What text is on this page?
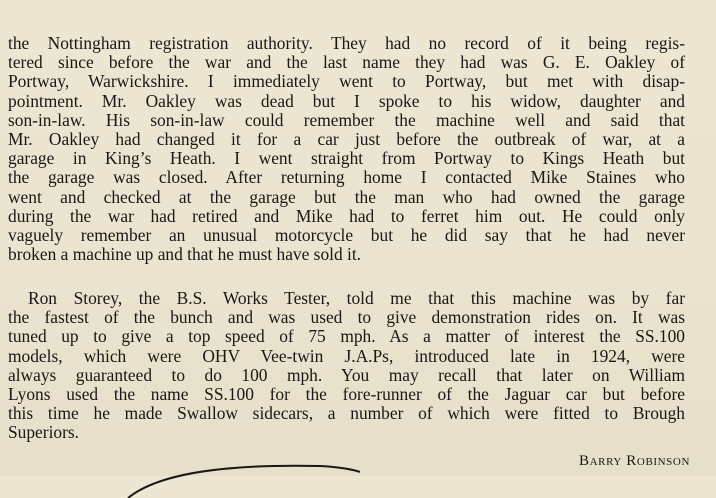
the Nottingham registration authority. They had no record of it being regis-
tered since before the war and the last name they had was G. E. Oakley of
Portway, Warwickshire. I immediately went to Portway, but met with disap-
pointment. Mr. Oakley was dead but I spoke to his widow, daughter and
son-in-law. His son-in-law could remember the machine well and said that
Mr. Oakley had changed it for a car just before the outbreak of war, at a
garage in King’s Heath. I went straight from Portway to Kings Heath but
the garage was closed. After returning home I contacted Mike Staines who
went and checked at the garage but the man who had owned the garage
during the war had retired and Mike had to ferret him out. He could only
vaguely remember an unusual motorcycle but he did say that he had never
broken a machine up and that he must have sold it.
Ron Storey, the B.S. Works Tester, told me that this machine was by far
the fastest of the bunch and was used to give demonstration rides on. It was
tuned up to give a top speed of 75 mph. As a matter of interest the SS.100
models, which were OHV Vee-twin J.A.Ps, introduced late in 1924, were
always guaranteed to do 100 mph. You may recall that later on William
Lyons used the name SS.100 for the fore-runner of the Jaguar car but before
this time he made Swallow sidecars, a number of which were fitted to Brough
Superiors.
Barry Robinson
